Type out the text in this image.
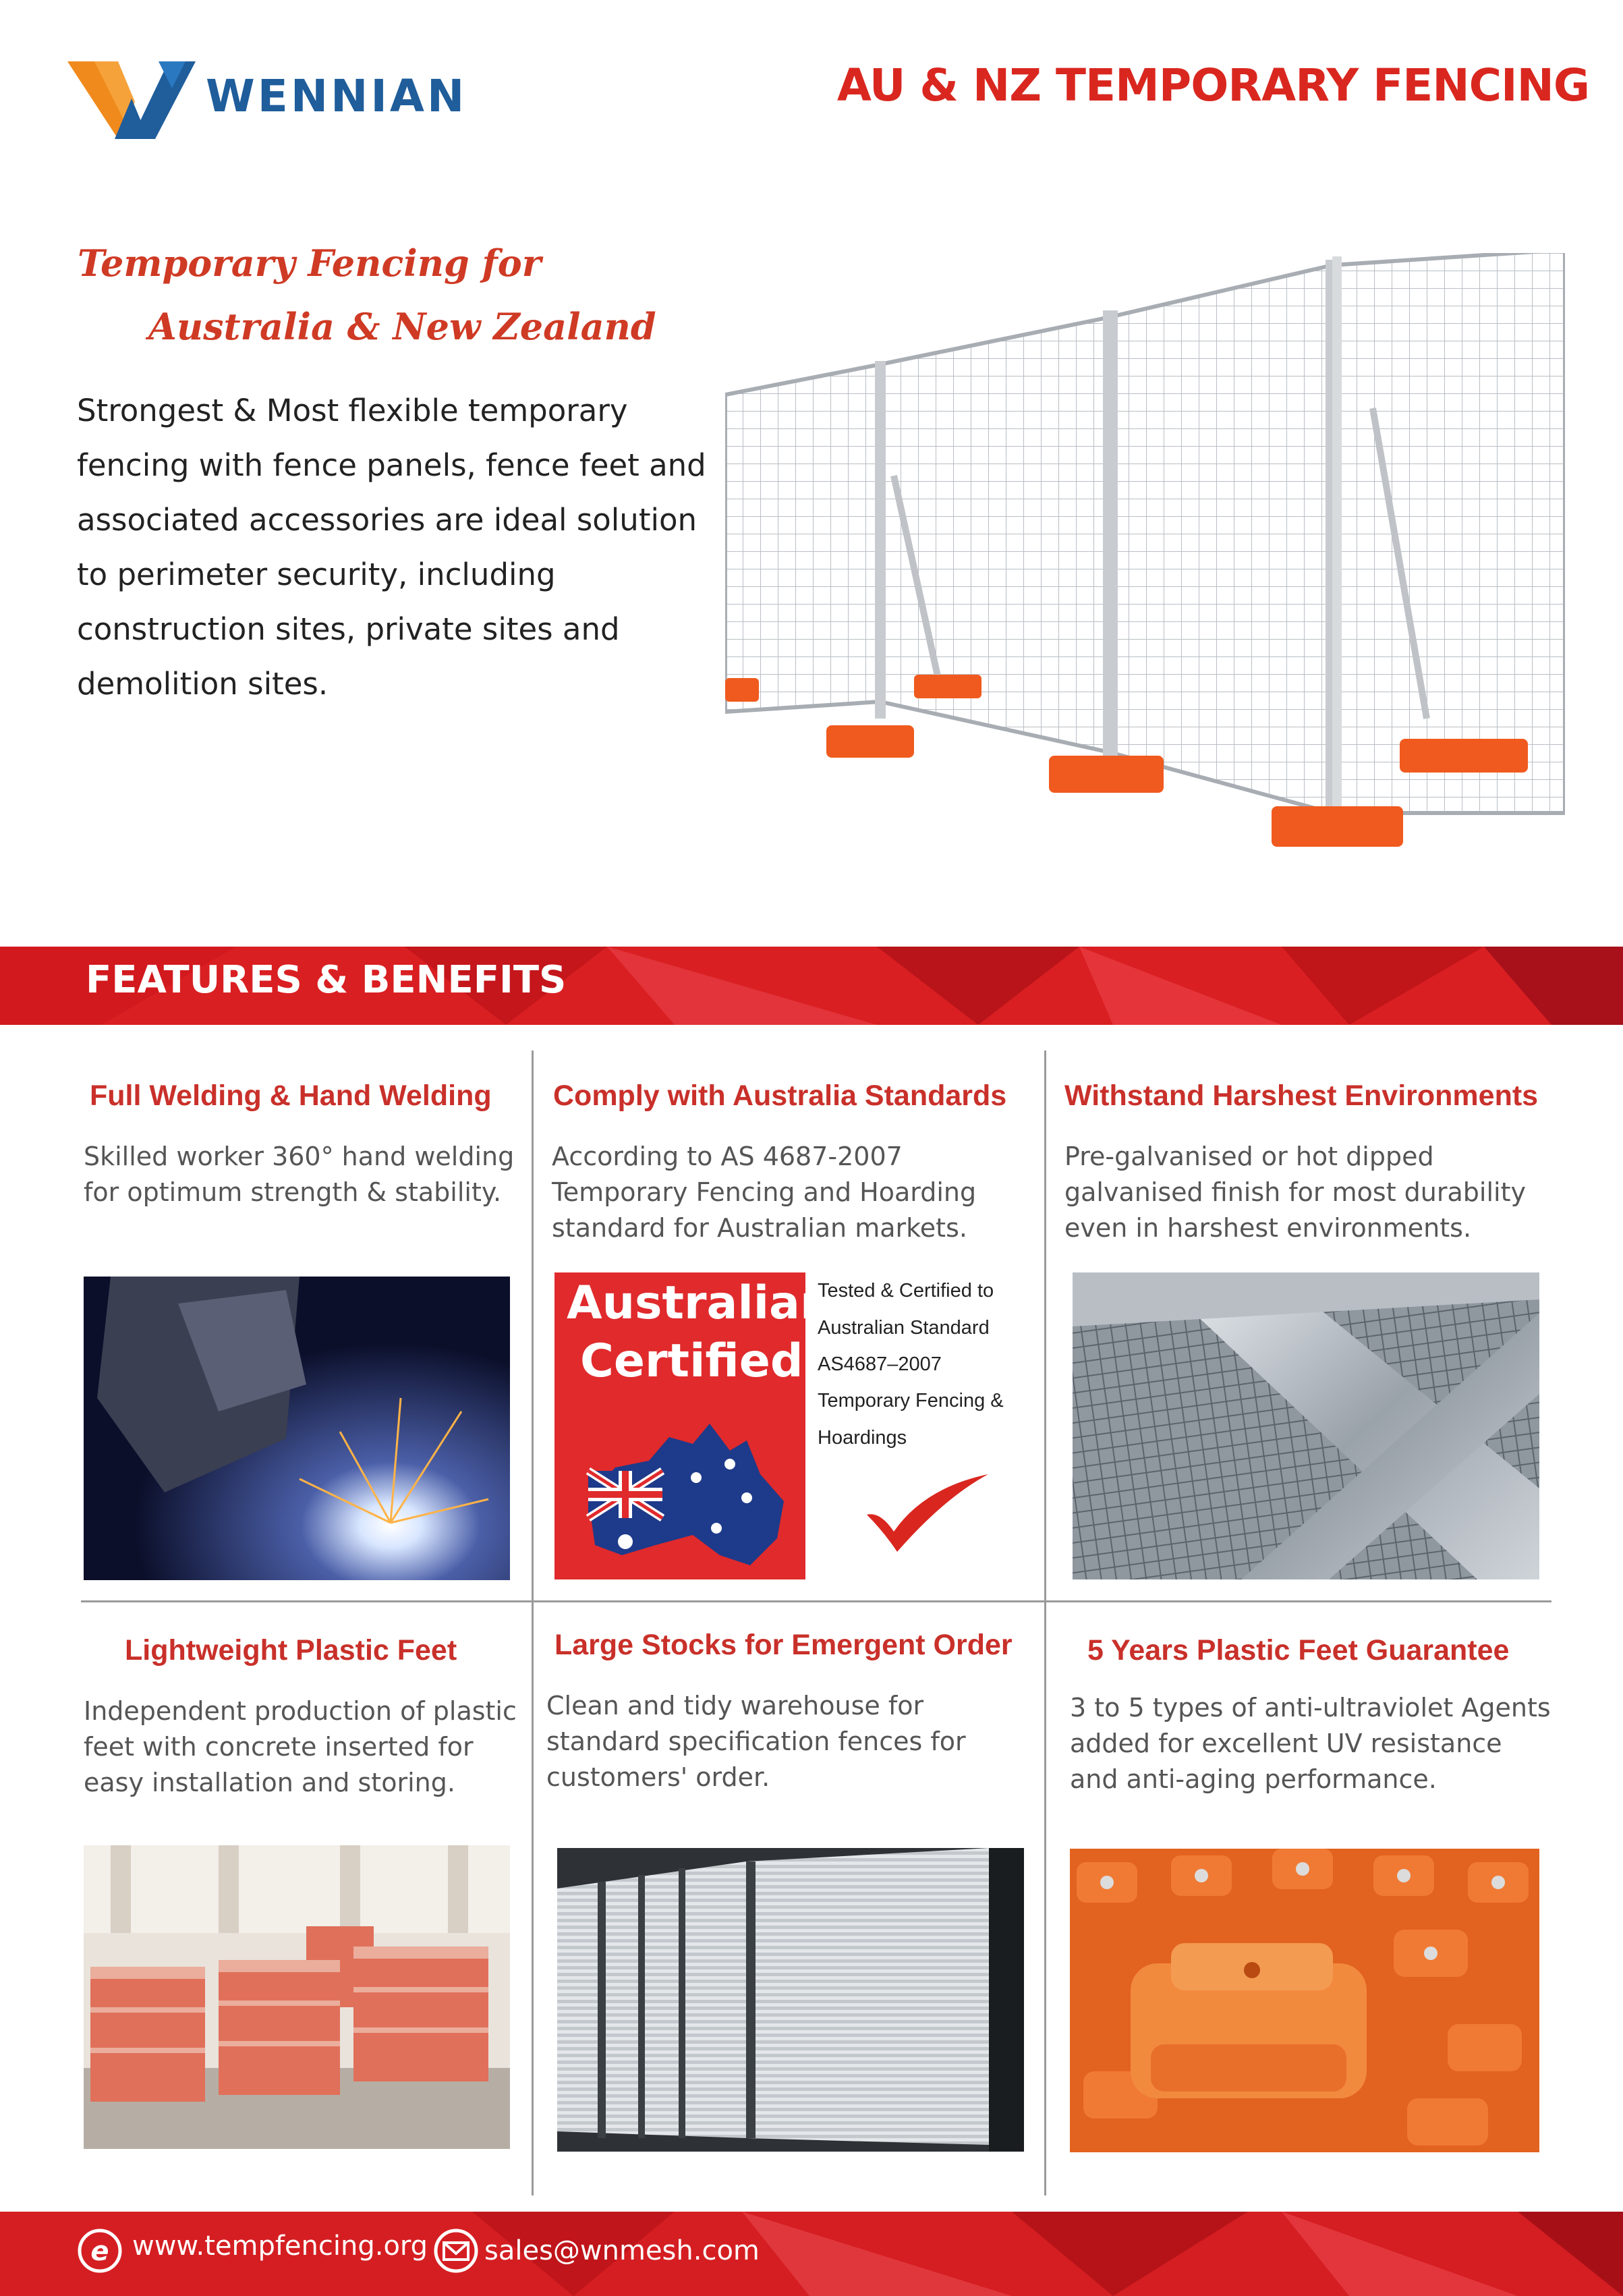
WENNIAN	AU & NZ TEMPORARY FENCING
Temporary Fencing for
Australia & New Zealand
Strongest & Most flexible temporary fencing with fence panels, fence feet and associated accessories are ideal solution to perimeter security, including construction sites, private sites and demolition sites.
FEATURES & BENEFITS
Full Welding & Hand Welding
Skilled worker 360° hand welding for optimum strength & stability.
Comply with Australia Standards
According to AS 4687-2007 Temporary Fencing and Hoarding standard for Australian markets.
Australian
Certified
Tested & Certified to
Australian Standard
AS4687–2007
Temporary Fencing &
Hoardings
Withstand Harshest Environments
Pre-galvanised or hot dipped galvanised finish for most durability even in harshest environments.
Lightweight Plastic Feet
Independent production of plastic feet with concrete inserted for easy installation and storing.
Large Stocks for Emergent Order
Clean and tidy warehouse for standard specification fences for customers' order.
5 Years Plastic Feet Guarantee
3 to 5 types of anti-ultraviolet Agents added for excellent UV resistance and anti-aging performance.
e www.tempfencing.org sales@wnmesh.com
